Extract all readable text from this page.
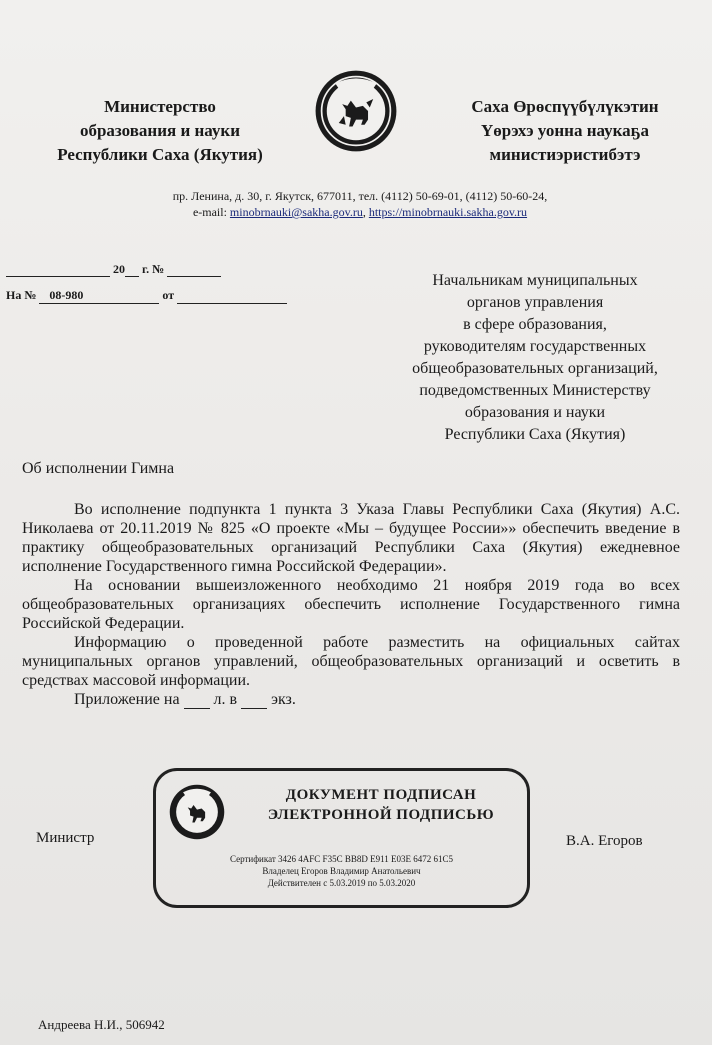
Министерство
образования и науки
Республики Саха (Якутия)
Саха Өрөспүүбүлүкэтин
Үөрэхэ уонна наукаҕа
министиэристибэтэ
пр. Ленина, д. 30, г. Якутск, 677011, тел. (4112) 50-69-01, (4112) 50-60-24,
e-mail: minobrnauki@sakha.gov.ru, https://minobrnauki.sakha.gov.ru
20 г. №
На № 08-980	от
Начальникам муниципальных
органов управления
в сфере образования,
руководителям государственных
общеобразовательных организаций,
подведомственных Министерству
образования и науки
Республики Саха (Якутия)
Об исполнении Гимна

Во исполнение подпункта 1 пункта 3 Указа Главы Республики Саха (Якутия) А.С. Николаева от 20.11.2019 № 825 «О проекте «Мы – будущее России»» обеспечить введение в практику общеобразовательных организаций Республики Саха (Якутия) ежедневное исполнение Государственного гимна Российской Федерации».

На основании вышеизложенного необходимо 21 ноября 2019 года во всех общеобразовательных организациях обеспечить исполнение Государственного гимна Российской Федерации.

Информацию о проведенной работе разместить на официальных сайтах муниципальных органов управлений, общеобразовательных организаций и осветить в средствах массовой информации.

Приложение на л. в экз.

Министр
ДОКУМЕНТ ПОДПИСАН
ЭЛЕКТРОННОЙ ПОДПИСЬЮ
Сертификат 3426 4AFC F35C BB8D E911 E03E 6472 61C5
Владелец Егоров Владимир Анатольевич
Действителен с 5.03.2019 по 5.03.2020
В.А. Егоров
Андреева Н.И., 506942
